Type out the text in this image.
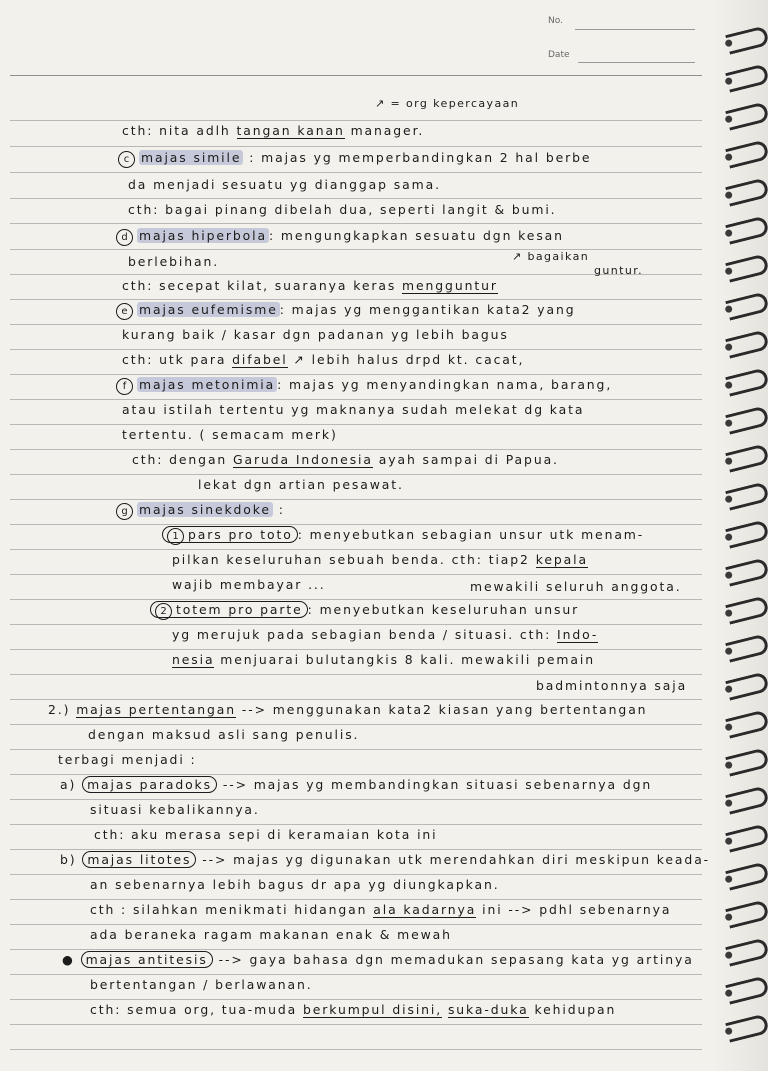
No.
Date
↗ = org kepercayaan
cth: nita adlh tangan kanan manager.
c majas simile : majas yg memperbandingkan 2 hal berbe
da menjadi sesuatu yg dianggap sama.
cth: bagai pinang dibelah dua, seperti langit & bumi.
d majas hiperbola : mengungkapkan sesuatu dgn kesan
berlebihan.	↗ bagaikan
guntur.
cth: secepat kilat, suaranya keras mengguntur
e majas eufemisme : majas yg menggantikan kata2 yang
kurang baik / kasar dgn padanan yg lebih bagus
cth: utk para difabel ↗ lebih halus drpd kt. cacat,
f majas metonimia : majas yg menyandingkan nama, barang,
atau istilah tertentu yg maknanya sudah melekat dg kata
tertentu. ( semacam merk)
cth: dengan Garuda Indonesia ayah sampai di Papua.
lekat dgn artian pesawat.
g majas sinekdoke :
1 pars pro toto : menyebutkan sebagian unsur utk menam-
pilkan keseluruhan sebuah benda. cth: tiap2 kepala
wajib membayar ...	mewakili seluruh anggota.
2 totem pro parte : menyebutkan keseluruhan unsur
yg merujuk pada sebagian benda / situasi. cth: Indo-
nesia menjuarai bulutangkis 8 kali. mewakili pemain
badmintonnya saja
2.) majas pertentangan --> menggunakan kata2 kiasan yang bertentangan
dengan maksud asli sang penulis.
terbagi menjadi :
a) majas paradoks --> majas yg membandingkan situasi sebenarnya dgn
situasi kebalikannya.
cth: aku merasa sepi di keramaian kota ini
b) majas litotes --> majas yg digunakan utk merendahkan diri meskipun keada-
an sebenarnya lebih bagus dr apa yg diungkapkan.
cth : silahkan menikmati hidangan ala kadarnya ini --> pdhl sebenarnya
ada beraneka ragam makanan enak & mewah
● majas antitesis --> gaya bahasa dgn memadukan sepasang kata yg artinya
bertentangan / berlawanan.
cth: semua org, tua-muda berkumpul disini, suka-duka kehidupan
